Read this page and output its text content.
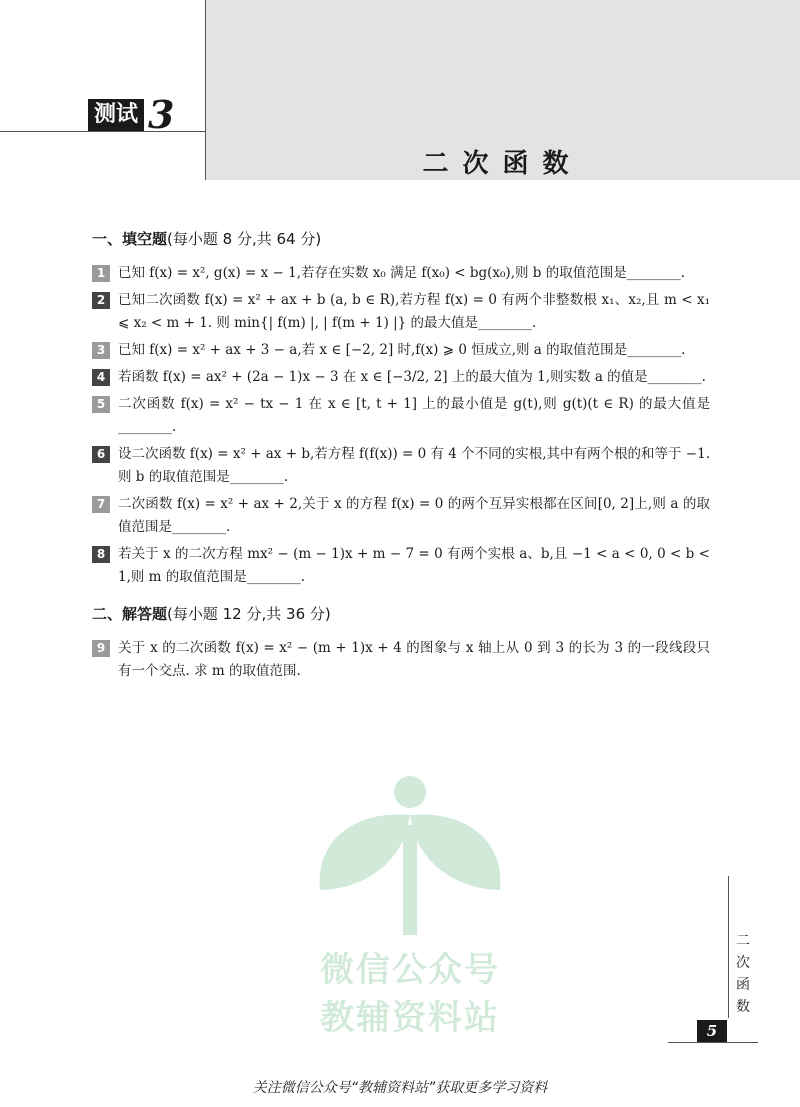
测试 3
二次函数
一、填空题(每小题 8 分,共 64 分)
1 已知 f(x) = x², g(x) = x − 1,若存在实数 x₀ 满足 f(x₀) < bg(x₀),则 b 的取值范围是________.
2 已知二次函数 f(x) = x² + ax + b (a, b ∈ R),若方程 f(x) = 0 有两个非整数根 x₁、x₂,且 m < x₁ ⩽ x₂ < m + 1. 则 min{| f(m) |, | f(m + 1) |} 的最大值是________.
3 已知 f(x) = x² + ax + 3 − a,若 x ∈ [−2, 2] 时,f(x) ⩾ 0 恒成立,则 a 的取值范围是________.
4 若函数 f(x) = ax² + (2a − 1)x − 3 在 x ∈ [−3/2, 2] 上的最大值为 1,则实数 a 的值是________.
5 二次函数 f(x) = x² − tx − 1 在 x ∈ [t, t + 1] 上的最小值是 g(t),则 g(t)(t ∈ R) 的最大值是________.
6 设二次函数 f(x) = x² + ax + b,若方程 f(f(x)) = 0 有 4 个不同的实根,其中有两个根的和等于 −1. 则 b 的取值范围是________.
7 二次函数 f(x) = x² + ax + 2,关于 x 的方程 f(x) = 0 的两个互异实根都在区间[0, 2]上,则 a 的取值范围是________.
8 若关于 x 的二次方程 mx² − (m − 1)x + m − 7 = 0 有两个实根 a、b,且 −1 < a < 0, 0 < b < 1,则 m 的取值范围是________.
二、解答题(每小题 12 分,共 36 分)
9 关于 x 的二次函数 f(x) = x² − (m + 1)x + 4 的图象与 x 轴上从 0 到 3 的长为 3 的一段线段只有一个交点. 求 m 的取值范围.
微信公众号
教辅资料站
二次函数
5
关注微信公众号“教辅资料站”获取更多学习资料
